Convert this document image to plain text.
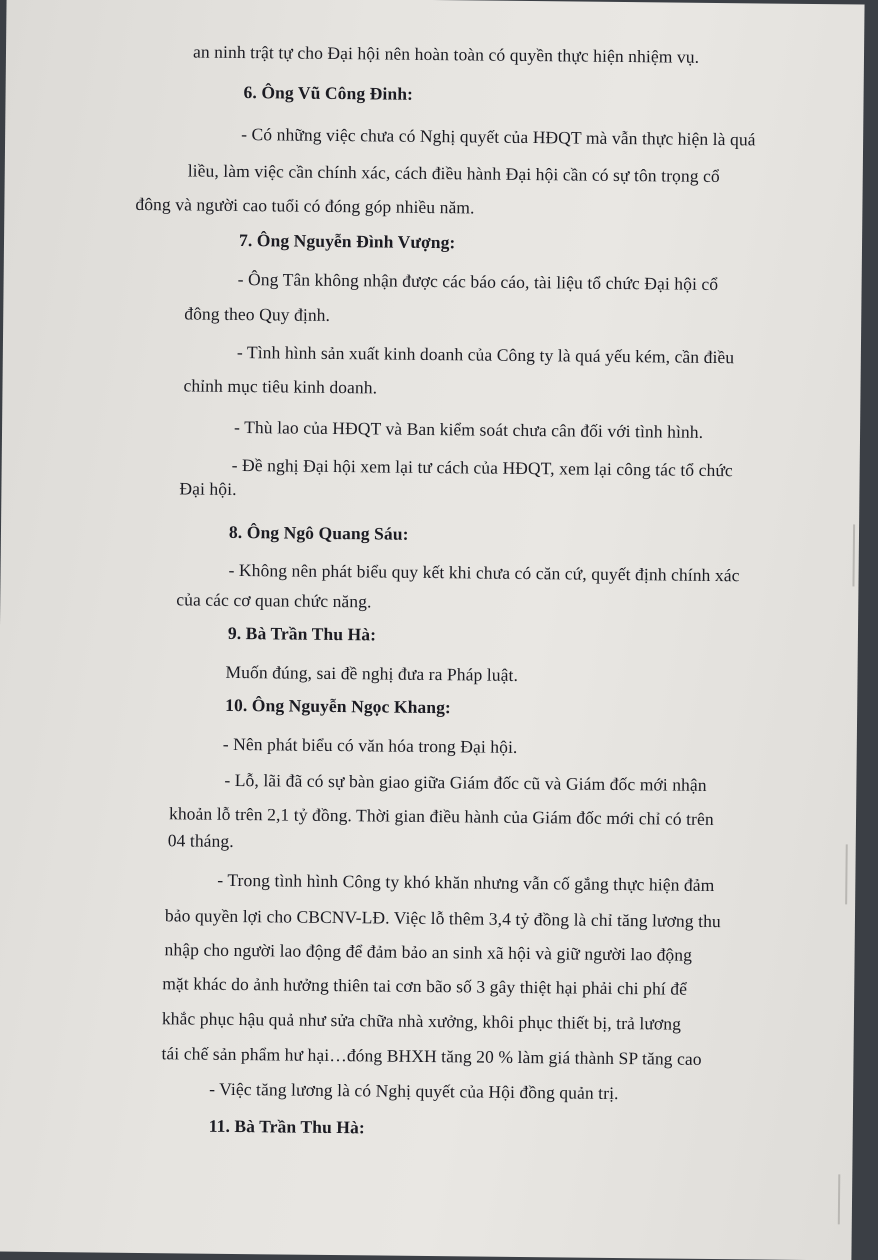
an ninh trật tự cho Đại hội nên hoàn toàn có quyền thực hiện nhiệm vụ.
6. Ông Vũ Công Đinh:
- Có những việc chưa có Nghị quyết của HĐQT mà vẫn thực hiện là quá
liều, làm việc cần chính xác, cách điều hành Đại hội cần có sự tôn trọng cổ
đông và người cao tuổi có đóng góp nhiều năm.
7. Ông Nguyễn Đình Vượng:
- Ông Tân không nhận được các báo cáo, tài liệu tổ chức Đại hội cổ
đông theo Quy định.
- Tình hình sản xuất kinh doanh của Công ty là quá yếu kém, cần điều
chỉnh mục tiêu kinh doanh.
- Thù lao của HĐQT và Ban kiểm soát chưa cân đối với tình hình.
- Đề nghị Đại hội xem lại tư cách của HĐQT, xem lại công tác tổ chức
Đại hội.
8. Ông Ngô Quang Sáu:
- Không nên phát biểu quy kết khi chưa có căn cứ, quyết định chính xác
của các cơ quan chức năng.
9. Bà Trần Thu Hà:
Muốn đúng, sai đề nghị đưa ra Pháp luật.
10. Ông Nguyễn Ngọc Khang:
- Nên phát biểu có văn hóa trong Đại hội.
- Lỗ, lãi đã có sự bàn giao giữa Giám đốc cũ và Giám đốc mới nhận
khoản lỗ trên 2,1 tỷ đồng. Thời gian điều hành của Giám đốc mới chỉ có trên
04 tháng.
- Trong tình hình Công ty khó khăn nhưng vẫn cố gắng thực hiện đảm
bảo quyền lợi cho CBCNV-LĐ. Việc lỗ thêm 3,4 tỷ đồng là chỉ tăng lương thu
nhập cho người lao động để đảm bảo an sinh xã hội và giữ người lao động
mặt khác do ảnh hưởng thiên tai cơn bão số 3 gây thiệt hại phải chi phí để
khắc phục hậu quả như sửa chữa nhà xưởng, khôi phục thiết bị, trả lương
tái chế sản phẩm hư hại…đóng BHXH tăng 20 % làm giá thành SP tăng cao
- Việc tăng lương là có Nghị quyết của Hội đồng quản trị.
11. Bà Trần Thu Hà:
